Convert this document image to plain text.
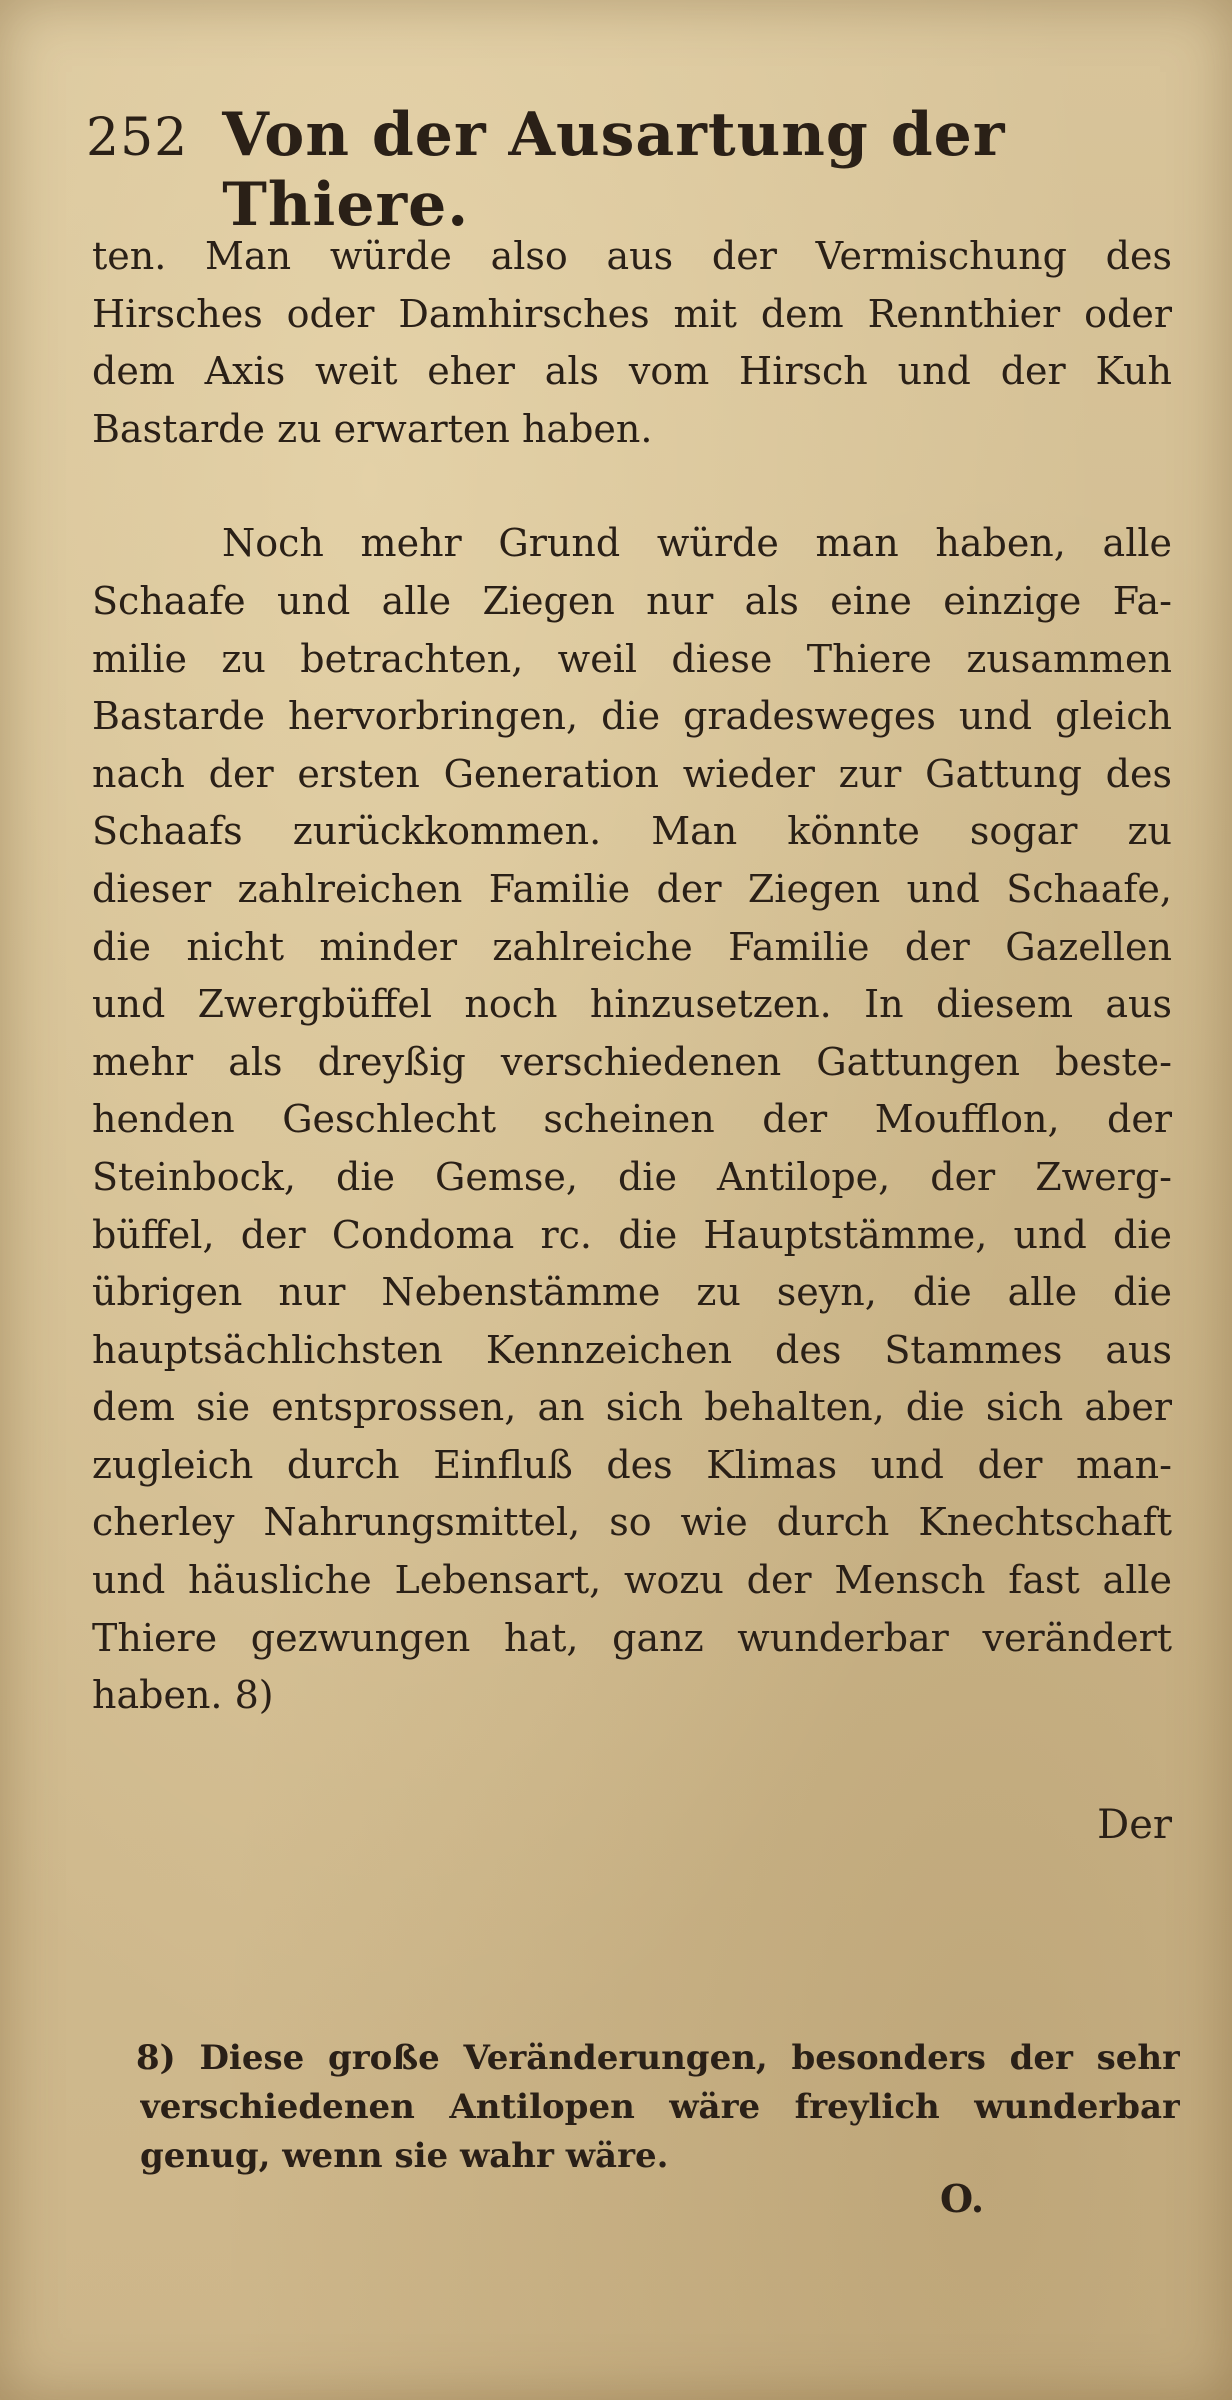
252 Von der Ausartung der Thiere.
ten. Man würde also aus der Vermischung des
Hirsches oder Damhirsches mit dem Rennthier oder
dem Axis weit eher als vom Hirsch und der Kuh
Bastarde zu erwarten haben.
Noch mehr Grund würde man haben, alle
Schaafe und alle Ziegen nur als eine einzige Fa-
milie zu betrachten, weil diese Thiere zusammen
Bastarde hervorbringen, die gradesweges und gleich
nach der ersten Generation wieder zur Gattung des
Schaafs zurückkommen. Man könnte sogar zu
dieser zahlreichen Familie der Ziegen und Schaafe,
die nicht minder zahlreiche Familie der Gazellen
und Zwergbüffel noch hinzusetzen. In diesem aus
mehr als dreyßig verschiedenen Gattungen beste-
henden Geschlecht scheinen der Moufflon, der
Steinbock, die Gemse, die Antilope, der Zwerg-
büffel, der Condoma rc. die Hauptstämme, und die
übrigen nur Nebenstämme zu seyn, die alle die
hauptsächlichsten Kennzeichen des Stammes aus
dem sie entsprossen, an sich behalten, die sich aber
zugleich durch Einfluß des Klimas und der man-
cherley Nahrungsmittel, so wie durch Knechtschaft
und häusliche Lebensart, wozu der Mensch fast alle
Thiere gezwungen hat, ganz wunderbar verändert
haben. 8)
Der
8) Diese große Veränderungen, besonders der sehr
verschiedenen Antilopen wäre freylich wunderbar
genug, wenn sie wahr wäre.
O.
